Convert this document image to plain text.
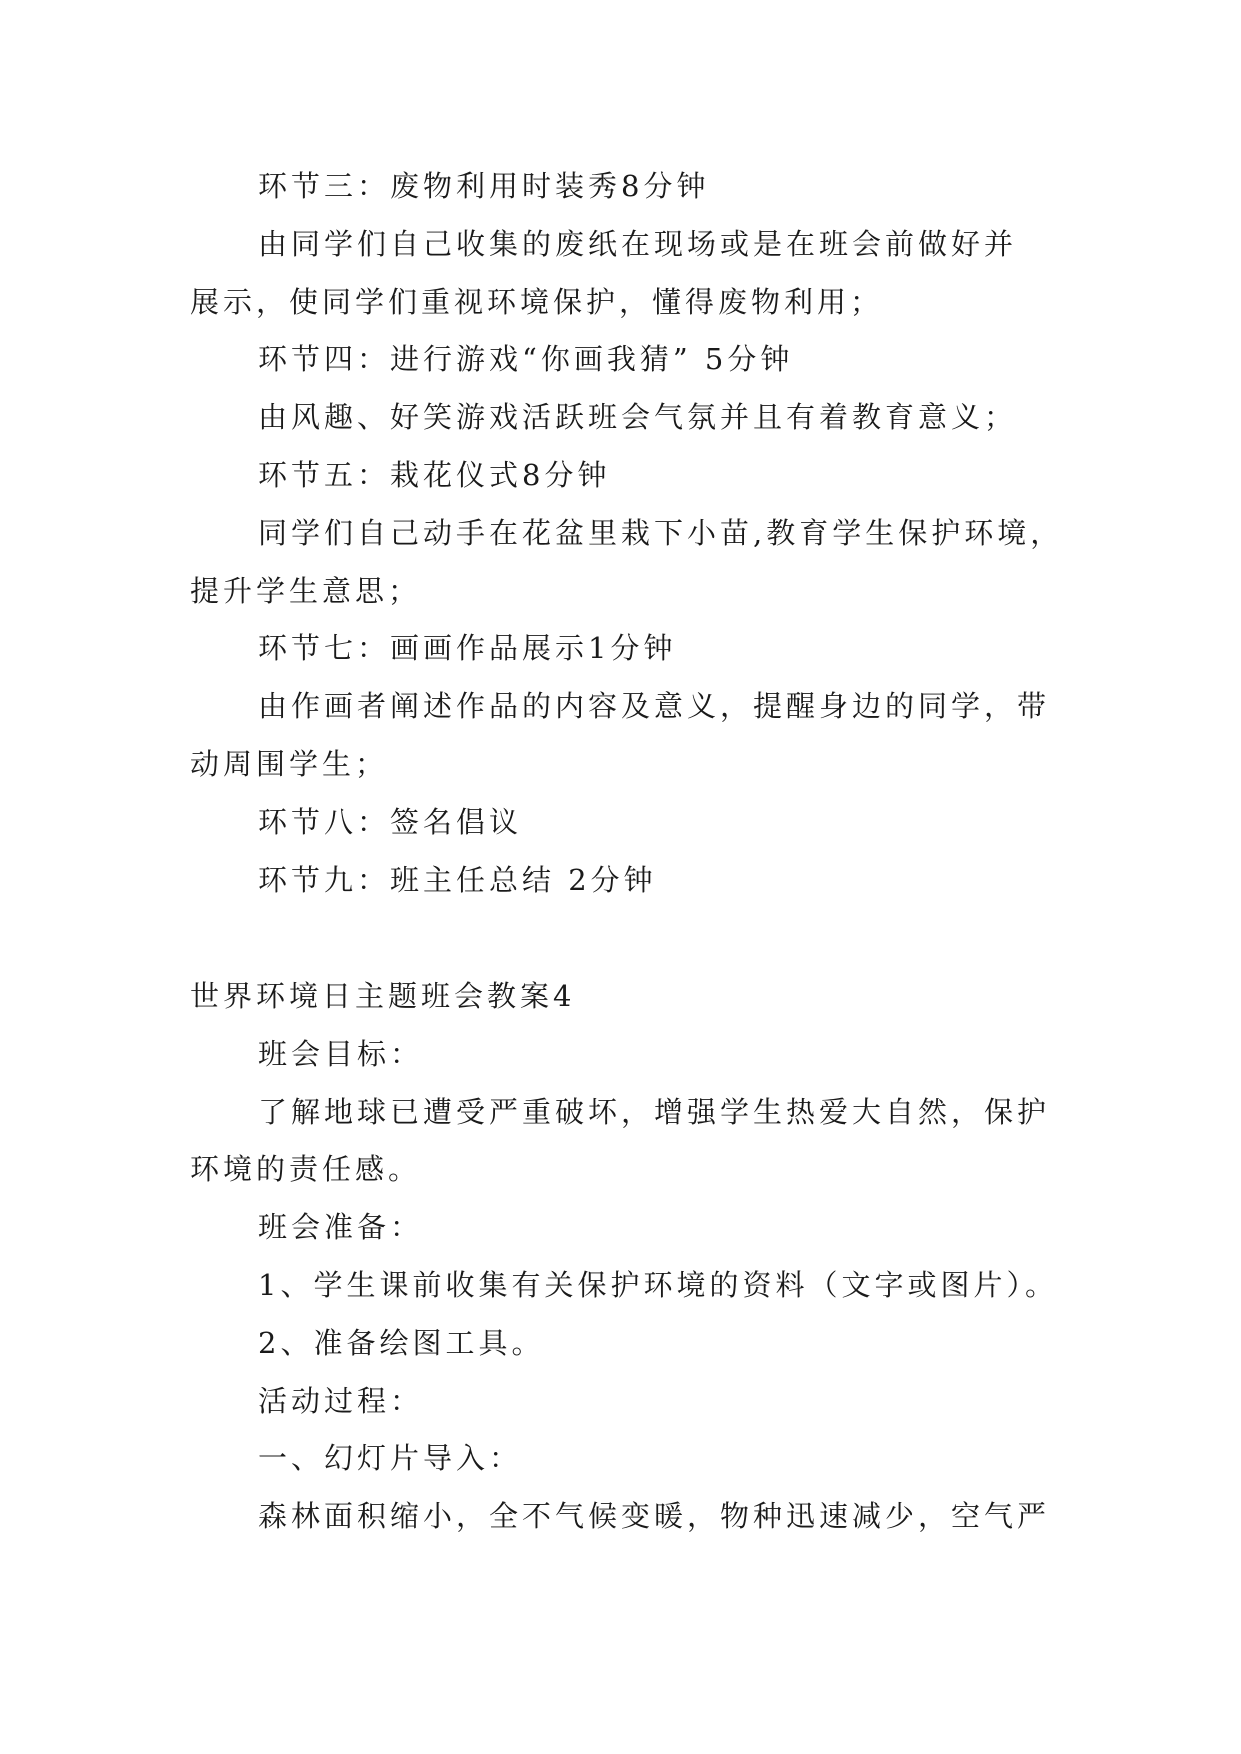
环节三：废物利用时装秀8分钟

由同学们自己收集的废纸在现场或是在班会前做好并

展示，使同学们重视环境保护，懂得废物利用；

环节四：进行游戏“你画我猜” 5分钟

由风趣、好笑游戏活跃班会气氛并且有着教育意义；

环节五：栽花仪式8分钟

同学们自己动手在花盆里栽下小苗,教育学生保护环境，

提升学生意思；

环节七：画画作品展示1分钟

由作画者阐述作品的内容及意义，提醒身边的同学，带

动周围学生；

环节八：签名倡议

环节九：班主任总结 2分钟

世界环境日主题班会教案4

班会目标：

了解地球已遭受严重破坏，增强学生热爱大自然，保护

环境的责任感。

班会准备：

1、学生课前收集有关保护环境的资料（文字或图片）。

2、准备绘图工具。

活动过程：

一、幻灯片导入：

森林面积缩小，全不气候变暖，物种迅速减少，空气严
